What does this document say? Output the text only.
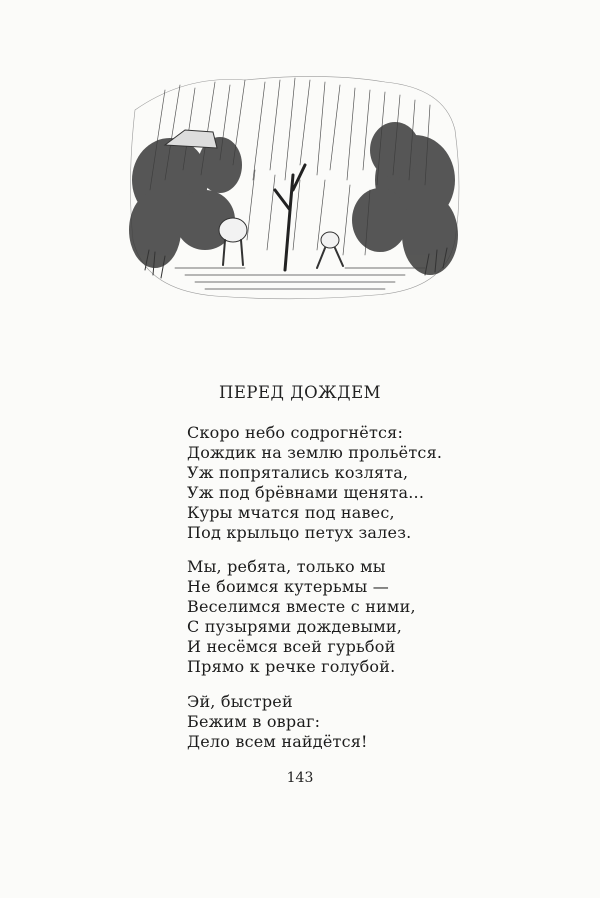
ПЕРЕД ДОЖДЕМ
Скоро небо содрогнётся:
Дождик на землю прольётся.
Уж попрятались козлята,
Уж под брёвнами щенята...
Куры мчатся под навес,
Под крыльцо петух залез.
Мы, ребята, только мы
Не боимся кутерьмы —
Веселимся вместе с ними,
С пузырями дождевыми,
И несёмся всей гурьбой
Прямо к речке голубой.
Эй, быстрей
Бежим в овраг:
Дело всем найдётся!
143
